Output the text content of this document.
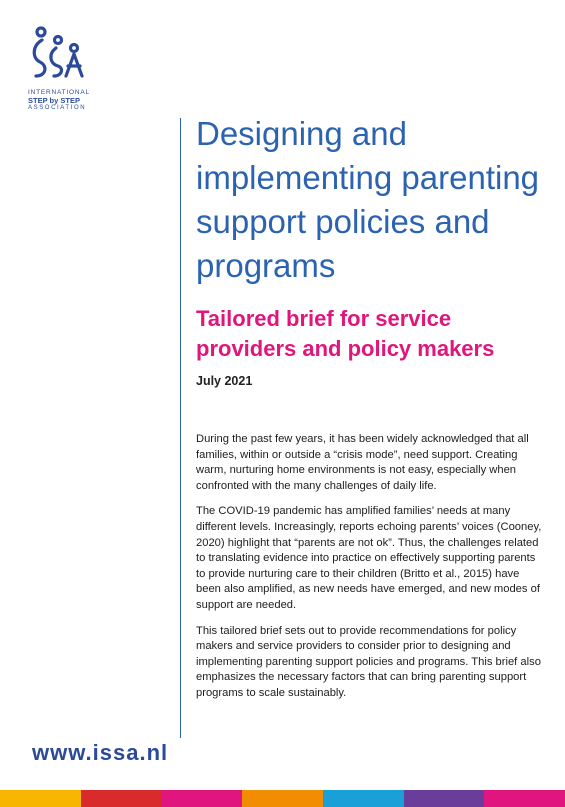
INTERNATIONAL
STEP by STEP
ASSOCIATION
Designing and implementing parenting support policies and programs
Tailored brief for service providers and policy makers
July 2021

During the past few years, it has been widely acknowledged that all families, within or outside a “crisis mode”, need support. Creating warm, nurturing home environments is not easy, especially when confronted with the many challenges of daily life.

The COVID-19 pandemic has amplified families’ needs at many different levels. Increasingly, reports echoing parents’ voices (Cooney, 2020) highlight that “parents are not ok”. Thus, the challenges related to translating evidence into practice on effectively supporting parents to provide nurturing care to their children (Britto et al., 2015) have been also amplified, as new needs have emerged, and new modes of support are needed.

This tailored brief sets out to provide recommendations for policy makers and service providers to consider prior to designing and implementing parenting support policies and programs. This brief also emphasizes the necessary factors that can bring parenting support programs to scale sustainably.

www.issa.nl
